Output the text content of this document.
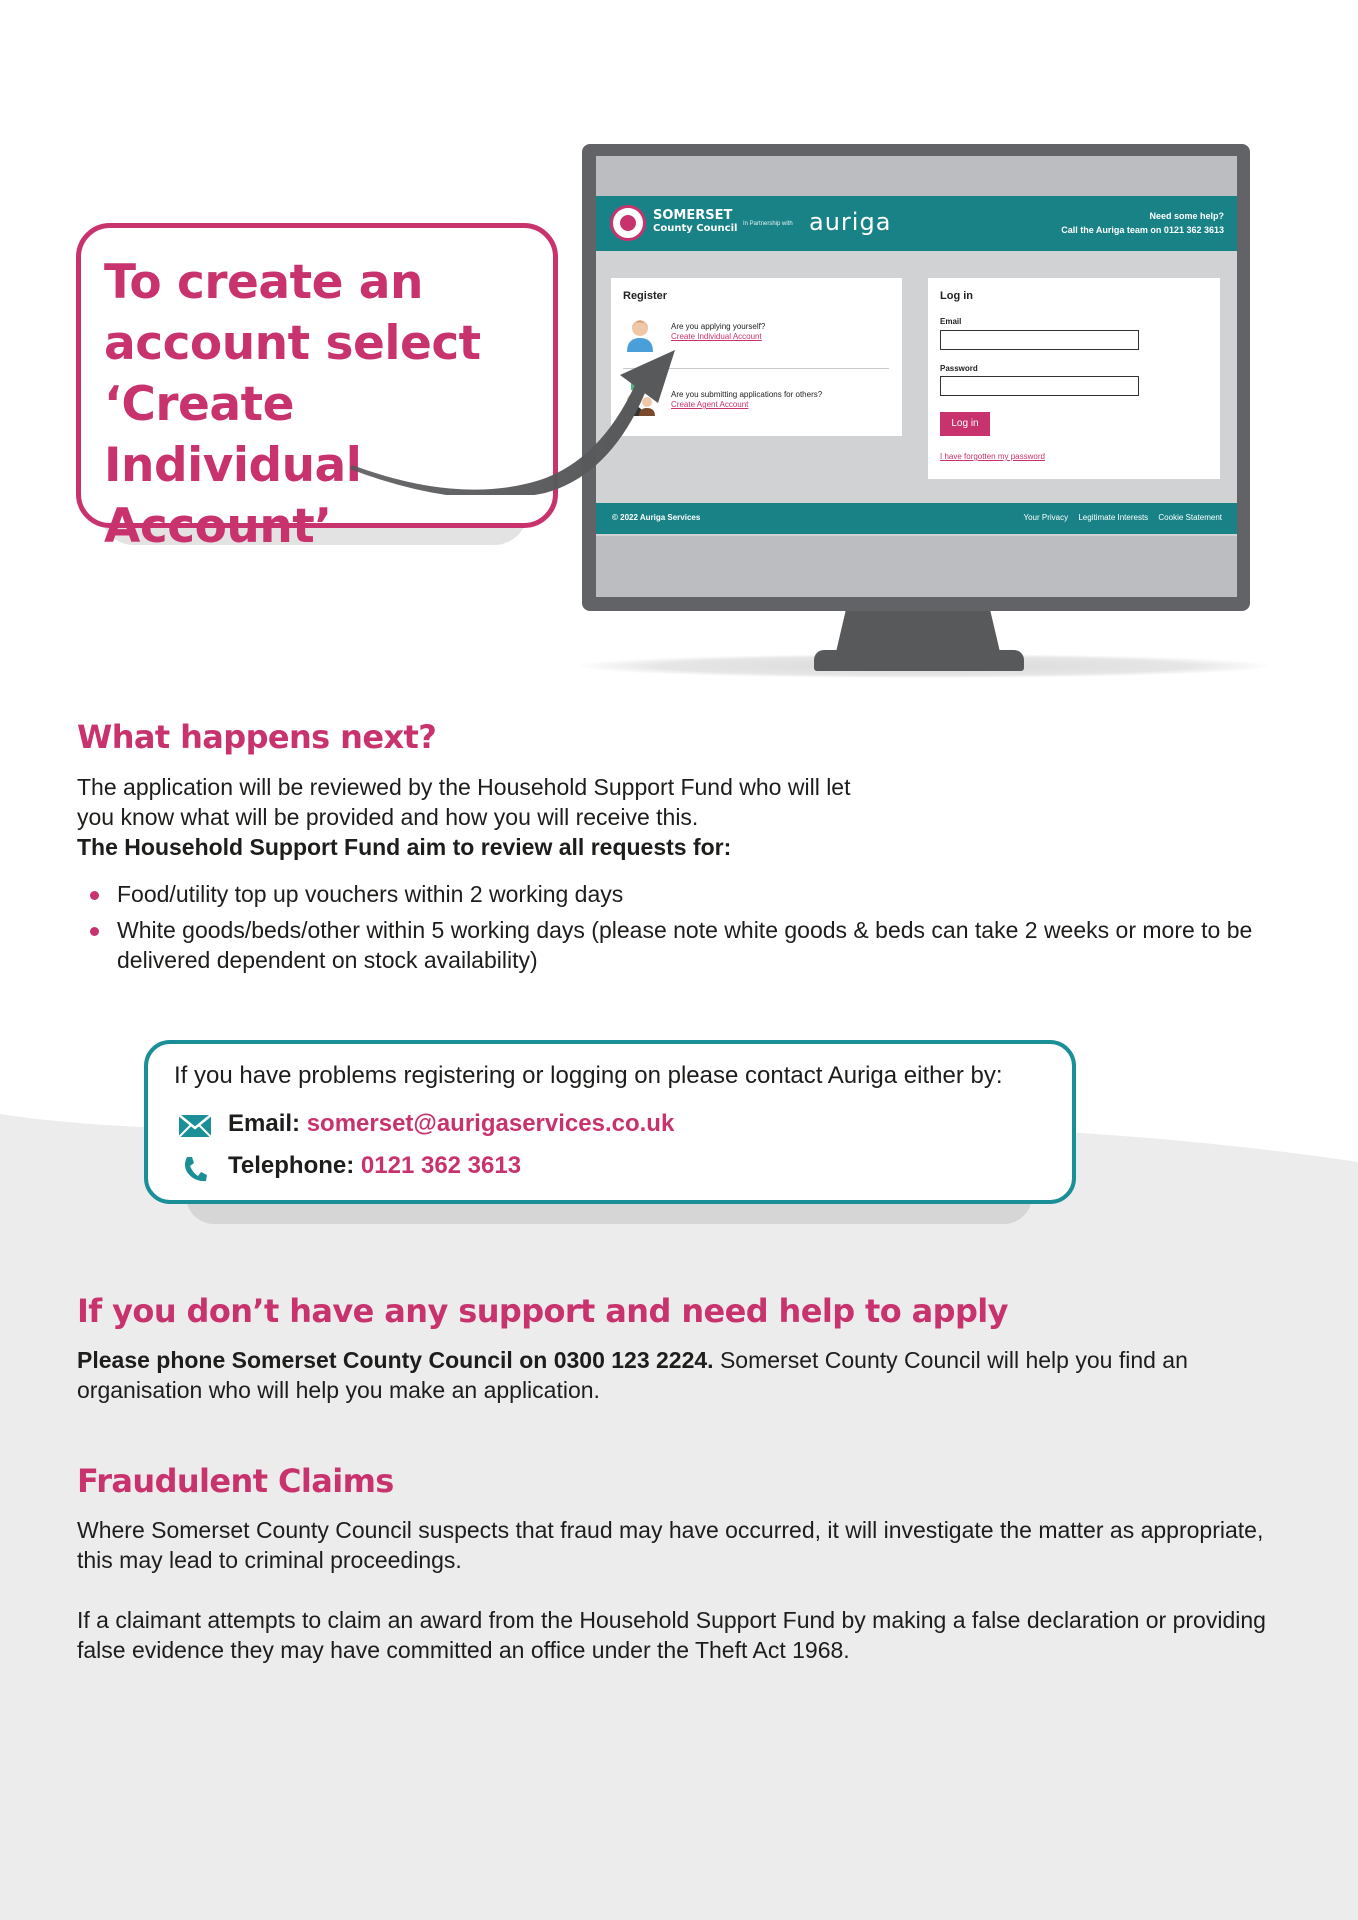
To create an
account select
‘Create Individual
Account’
SOMERSET
County Council In Partnership with auriga	Need some help?
Call the Auriga team on 0121 362 3613
Register
Are you applying yourself?
Create Individual Account
Are you submitting applications for others?
Create Agent Account
Log in
Email
Password
Log in
I have forgotten my password
© 2022 Auriga Services	Your Privacy Legitimate Interests Cookie Statement
What happens next?
The application will be reviewed by the Household Support Fund who will let
you know what will be provided and how you will receive this.
The Household Support Fund aim to review all requests for:
Food/utility top up vouchers within 2 working days
White goods/beds/other within 5 working days (please note white goods & beds can take 2 weeks or more to be delivered dependent on stock availability)
If you have problems registering or logging on please contact Auriga either by:
Email: somerset@aurigaservices.co.uk
Telephone: 0121 362 3613
If you don’t have any support and need help to apply
Please phone Somerset County Council on 0300 123 2224. Somerset County Council will help you find an organisation who will help you make an application.
Fraudulent Claims
Where Somerset County Council suspects that fraud may have occurred, it will investigate the matter as appropriate, this may lead to criminal proceedings.
If a claimant attempts to claim an award from the Household Support Fund by making a false declaration or providing false evidence they may have committed an office under the Theft Act 1968.
